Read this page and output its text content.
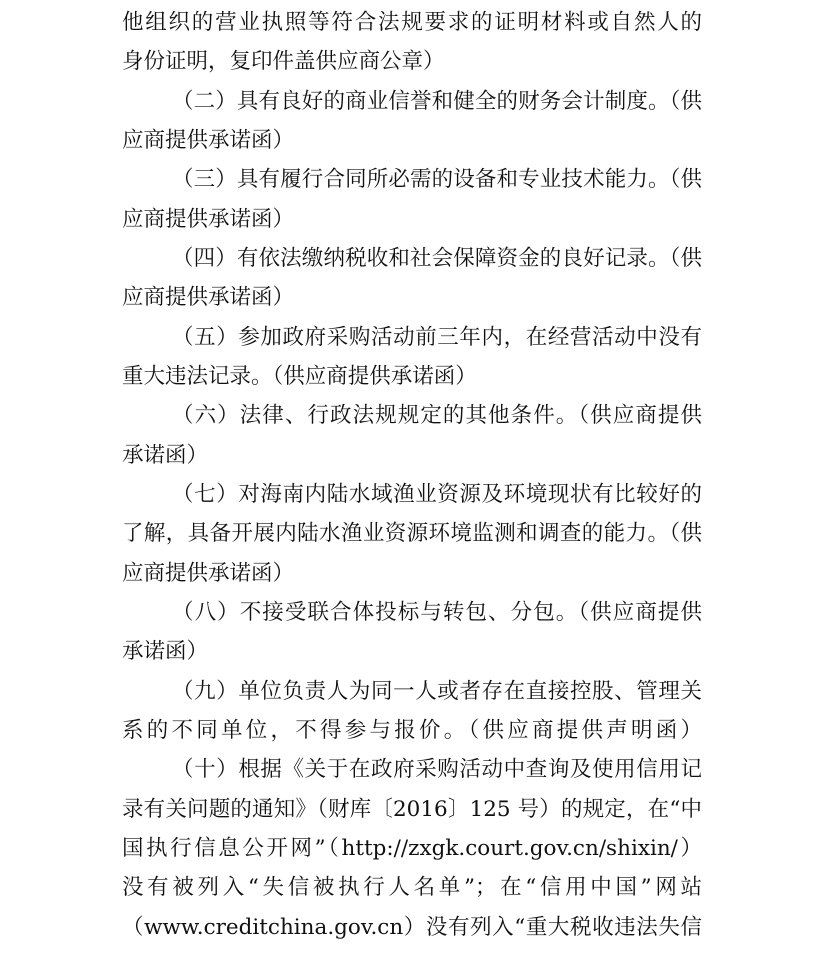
他组织的营业执照等符合法规要求的证明材料或自然人的
身份证明，复印件盖供应商公章）
（二）具有良好的商业信誉和健全的财务会计制度。（供
应商提供承诺函）
（三）具有履行合同所必需的设备和专业技术能力。（供
应商提供承诺函）
（四）有依法缴纳税收和社会保障资金的良好记录。（供
应商提供承诺函）
（五）参加政府采购活动前三年内，在经营活动中没有
重大违法记录。（供应商提供承诺函）
（六）法律、行政法规规定的其他条件。（供应商提供
承诺函）
（七）对海南内陆水域渔业资源及环境现状有比较好的
了解，具备开展内陆水渔业资源环境监测和调查的能力。（供
应商提供承诺函）
（八）不接受联合体投标与转包、分包。（供应商提供
承诺函）
（九）单位负责人为同一人或者存在直接控股、管理关
系的不同单位，不得参与报价。（供应商提供声明函）
（十）根据《关于在政府采购活动中查询及使用信用记
录有关问题的通知》（财库〔2016〕125 号）的规定，在“中
国执行信息公开网”（http://zxgk.court.gov.cn/shixin/）
没有被列入“失信被执行人名单”；在“信用中国”网站
（www.creditchina.gov.cn）没有列入“重大税收违法失信
